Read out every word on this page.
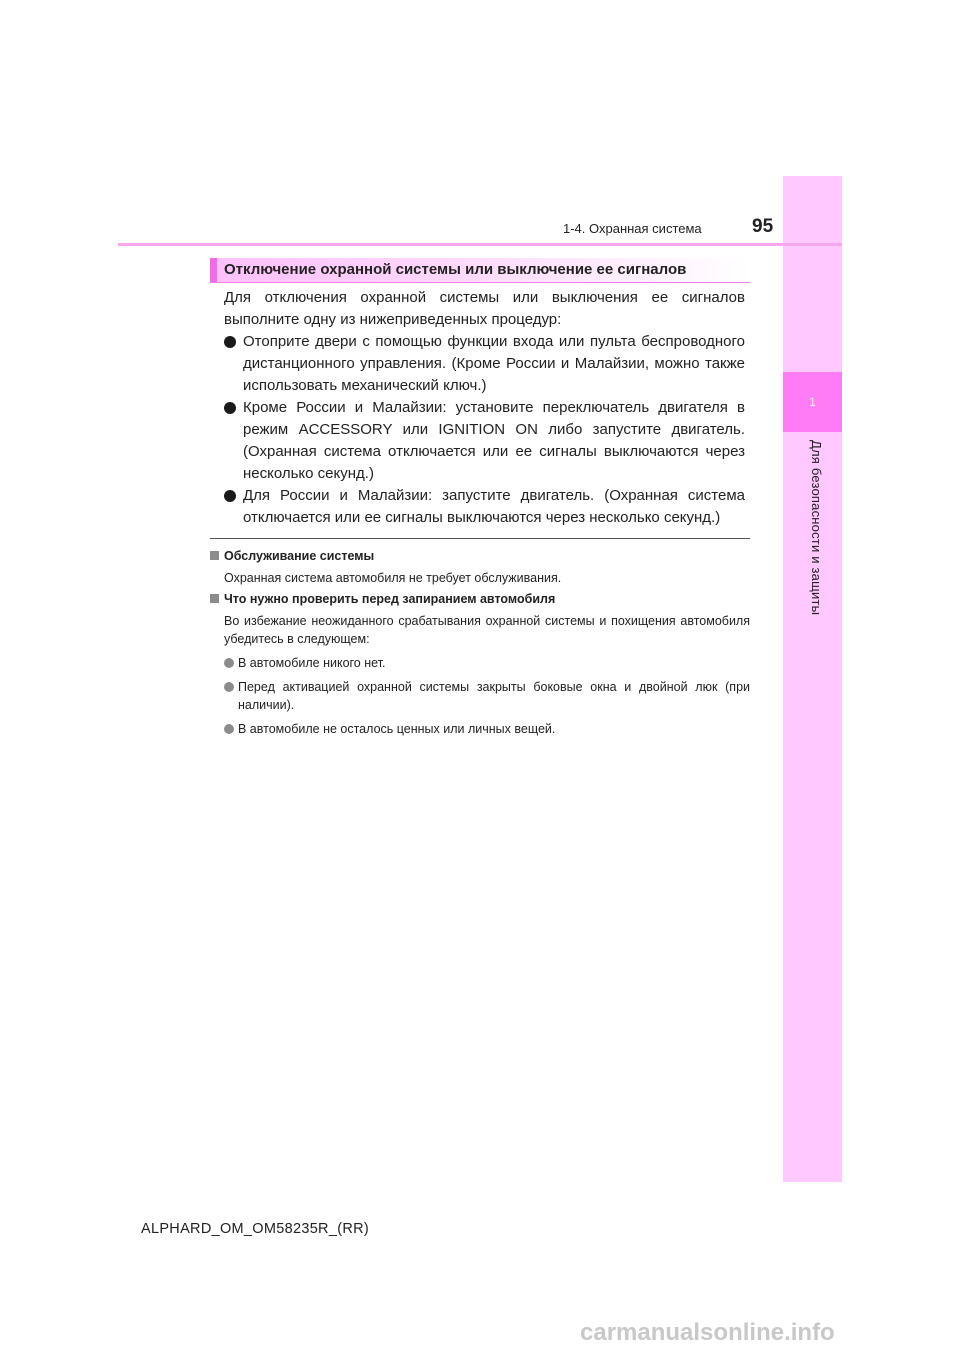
1
Для безопасности и защиты
1-4. Охранная система	95
Отключение охранной системы или выключение ее сигналов
Для отключения охранной системы или выключения ее сигналов выполните одну из нижеприведенных процедур:
Отоприте двери с помощью функции входа или пульта беспроводного дистанционного управления. (Кроме России и Малайзии, можно также использовать механический ключ.)
Кроме России и Малайзии: установите переключатель двигателя в режим ACCESSORY или IGNITION ON либо запустите двигатель. (Охранная система отключается или ее сигналы выключаются через несколько секунд.)
Для России и Малайзии: запустите двигатель. (Охранная система отключается или ее сигналы выключаются через несколько секунд.)
Обслуживание системы
Охранная система автомобиля не требует обслуживания.
Что нужно проверить перед запиранием автомобиля
Во избежание неожиданного срабатывания охранной системы и похищения автомобиля убедитесь в следующем:
В автомобиле никого нет.
Перед активацией охранной системы закрыты боковые окна и двойной люк (при наличии).
В автомобиле не осталось ценных или личных вещей.
ALPHARD_OM_OM58235R_(RR)
carmanualsonline.info
